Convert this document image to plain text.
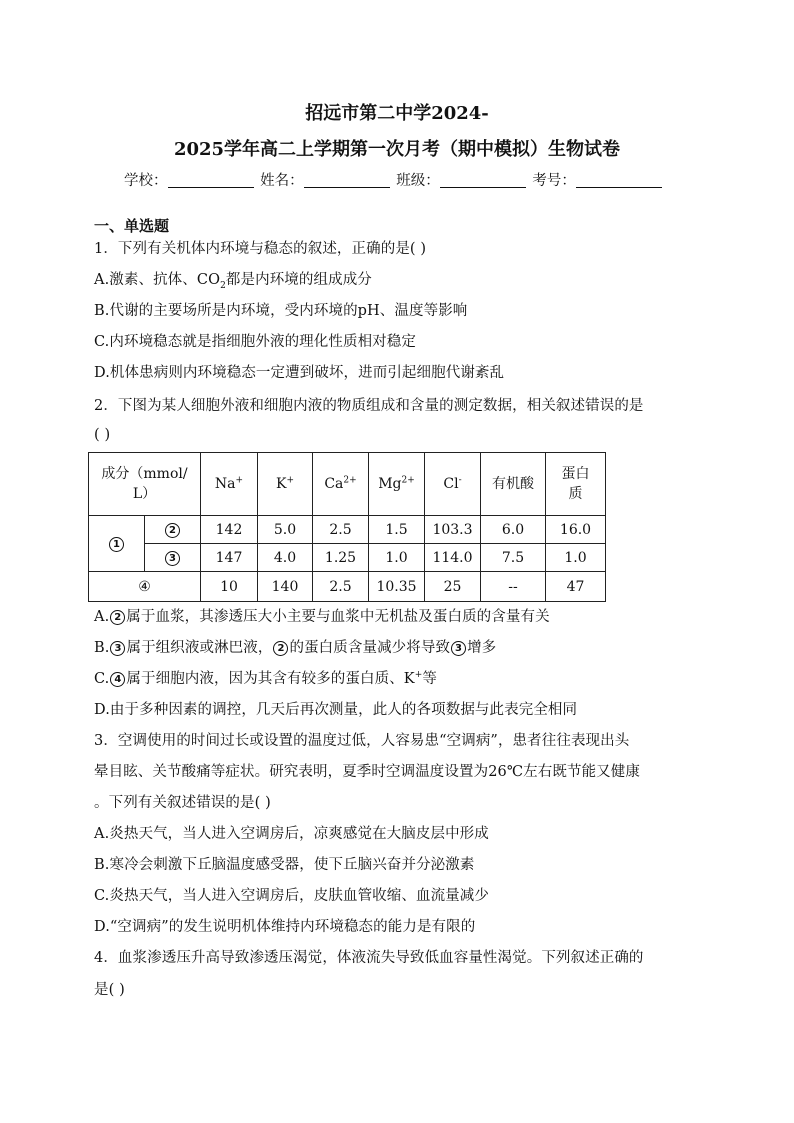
招远市第二中学2024-
2025学年高二上学期第一次月考（期中模拟）生物试卷
学校：	姓名：	班级：	考号：
一、单选题
1．下列有关机体内环境与稳态的叙述，正确的是( )
A.激素、抗体、$CO_2$都是内环境的组成成分
B.代谢的主要场所是内环境，受内环境的pH、温度等影响
C.内环境稳态就是指细胞外液的理化性质相对稳定
D.机体患病则内环境稳态一定遭到破坏，进而引起细胞代谢紊乱
2．下图为某人细胞外液和细胞内液的物质组成和含量的测定数据，相关叙述错误的是
( )
成分（mmol/
L）		Na+	K+	$Ca^{2+}$	$Mg^{2+}$	Cl-	有机酸	蛋白
质
1	2	142	5.0	2.5	1.5	103.3	6.0	16.0
	3	147	4.0	1.25	1.0	114.0	7.5	1.0
④		10	140	2.5	10.35	25	--	47
A. 2 属于血浆，其渗透压大小主要与血浆中无机盐及蛋白质的含量有关
B. 3 属于组织液或淋巴液， 2 的蛋白质含量减少将导致 3 增多
C. 4 属于细胞内液，因为其含有较多的蛋白质、K+等
D.由于多种因素的调控，几天后再次测量，此人的各项数据与此表完全相同
3．空调使用的时间过长或设置的温度过低，人容易患“空调病”，患者往往表现出头
晕目眩、关节酸痛等症状。研究表明，夏季时空调温度设置为26℃左右既节能又健康
。下列有关叙述错误的是( )
A.炎热天气，当人进入空调房后，凉爽感觉在大脑皮层中形成
B.寒冷会刺激下丘脑温度感受器，使下丘脑兴奋并分泌激素
C.炎热天气，当人进入空调房后，皮肤血管收缩、血流量减少
D.“空调病”的发生说明机体维持内环境稳态的能力是有限的
4．血浆渗透压升高导致渗透压渴觉，体液流失导致低血容量性渴觉。下列叙述正确的
是( )
